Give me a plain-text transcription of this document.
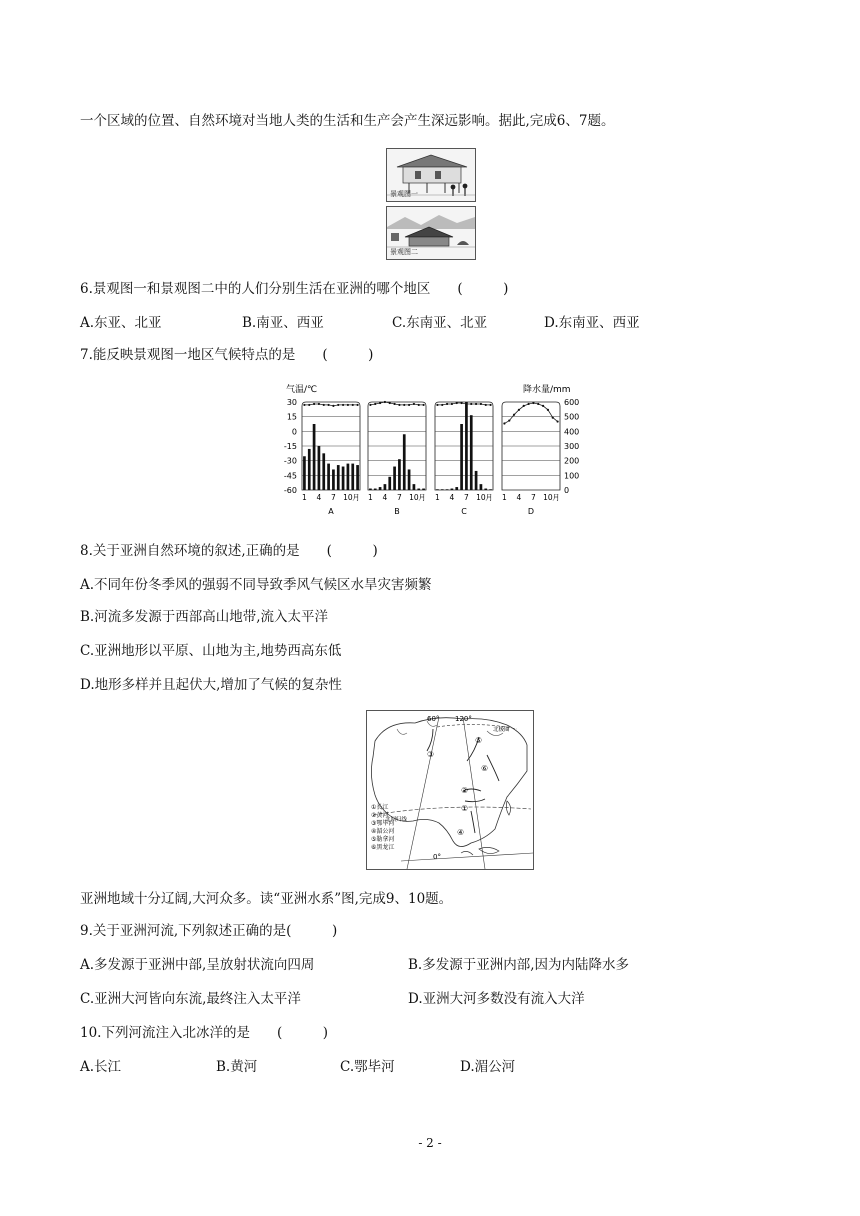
一个区域的位置、自然环境对当地人类的生活和生产会产生深远影响。据此,完成6、7题。
景观图一
景观图二
6.景观图一和景观图二中的人们分别生活在亚洲的哪个地区　　(　　　)
A.东亚、北亚	B.南亚、西亚	C.东南亚、北亚	D.东南亚、西亚
7.能反映景观图一地区气候特点的是　　(　　　)
气温/℃	降水量/mm
30
15
0
-15
-30
-45
-60
600
500
400
300
200
100
0
1 4 7 10 月
A
1 4 7 10 月
B
1 4 7 10 月
C
1 4 7 10 月
D
8.关于亚洲自然环境的叙述,正确的是　　(　　　)
A.不同年份冬季风的强弱不同导致季风气候区水旱灾害频繁
B.河流多发源于西部高山地带,流入太平洋
C.亚洲地形以平原、山地为主,地势西高东低
D.地形多样并且起伏大,增加了气候的复杂性
60° 120°
北极圈
北回归线
0°
①
②
③
④
⑤
⑥
①长江
②黄河
③鄂毕河
④湄公河
⑤勒拿河
⑥黑龙江
亚洲地域十分辽阔,大河众多。读“亚洲水系”图,完成9、10题。
9.关于亚洲河流,下列叙述正确的是(　　　)
A.多发源于亚洲中部,呈放射状流向四周	B.多发源于亚洲内部,因为内陆降水多
C.亚洲大河皆向东流,最终注入太平洋	D.亚洲大河多数没有流入大洋
10.下列河流注入北冰洋的是　　(　　　)
A.长江	B.黄河	C.鄂毕河	D.湄公河
- 2 -
